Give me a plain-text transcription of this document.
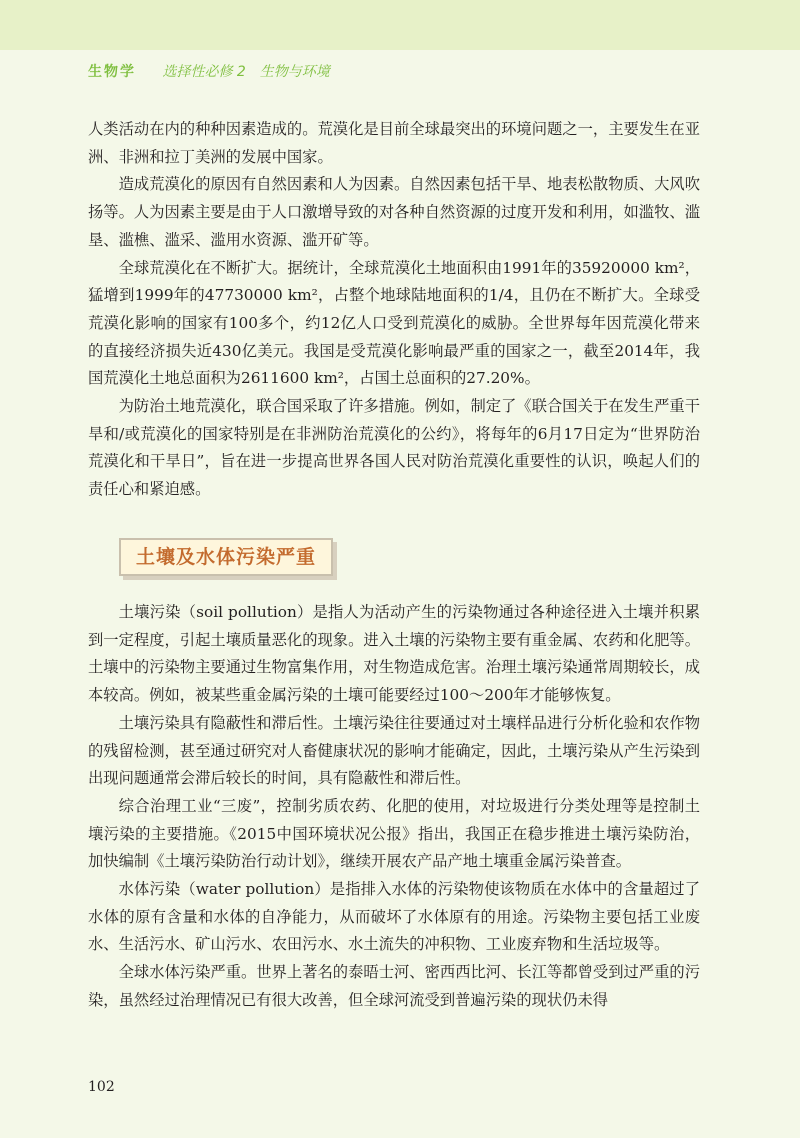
生物学 选择性必修 2　生物与环境

人类活动在内的种种因素造成的。荒漠化是目前全球最突出的环境问题之一，主要发生在亚洲、非洲和拉丁美洲的发展中国家。

造成荒漠化的原因有自然因素和人为因素。自然因素包括干旱、地表松散物质、大风吹扬等。人为因素主要是由于人口激增导致的对各种自然资源的过度开发和利用，如滥牧、滥垦、滥樵、滥采、滥用水资源、滥开矿等。

全球荒漠化在不断扩大。据统计，全球荒漠化土地面积由1991年的35920000 km²，猛增到1999年的47730000 km²，占整个地球陆地面积的1/4，且仍在不断扩大。全球受荒漠化影响的国家有100多个，约12亿人口受到荒漠化的威胁。全世界每年因荒漠化带来的直接经济损失近430亿美元。我国是受荒漠化影响最严重的国家之一，截至2014年，我国荒漠化土地总面积为2611600 km²，占国土总面积的27.20%。

为防治土地荒漠化，联合国采取了许多措施。例如，制定了《联合国关于在发生严重干旱和/或荒漠化的国家特别是在非洲防治荒漠化的公约》，将每年的6月17日定为“世界防治荒漠化和干旱日”，旨在进一步提高世界各国人民对防治荒漠化重要性的认识，唤起人们的责任心和紧迫感。

土壤及水体污染严重

土壤污染（soil pollution）是指人为活动产生的污染物通过各种途径进入土壤并积累到一定程度，引起土壤质量恶化的现象。进入土壤的污染物主要有重金属、农药和化肥等。土壤中的污染物主要通过生物富集作用，对生物造成危害。治理土壤污染通常周期较长，成本较高。例如，被某些重金属污染的土壤可能要经过100～200年才能够恢复。

土壤污染具有隐蔽性和滞后性。土壤污染往往要通过对土壤样品进行分析化验和农作物的残留检测，甚至通过研究对人畜健康状况的影响才能确定，因此，土壤污染从产生污染到出现问题通常会滞后较长的时间，具有隐蔽性和滞后性。

综合治理工业“三废”，控制劣质农药、化肥的使用，对垃圾进行分类处理等是控制土壤污染的主要措施。《2015中国环境状况公报》指出，我国正在稳步推进土壤污染防治，加快编制《土壤污染防治行动计划》，继续开展农产品产地土壤重金属污染普查。

水体污染（water pollution）是指排入水体的污染物使该物质在水体中的含量超过了水体的原有含量和水体的自净能力，从而破坏了水体原有的用途。污染物主要包括工业废水、生活污水、矿山污水、农田污水、水土流失的冲积物、工业废弃物和生活垃圾等。

全球水体污染严重。世界上著名的泰晤士河、密西西比河、长江等都曾受到过严重的污染，虽然经过治理情况已有很大改善，但全球河流受到普遍污染的现状仍未得

102
